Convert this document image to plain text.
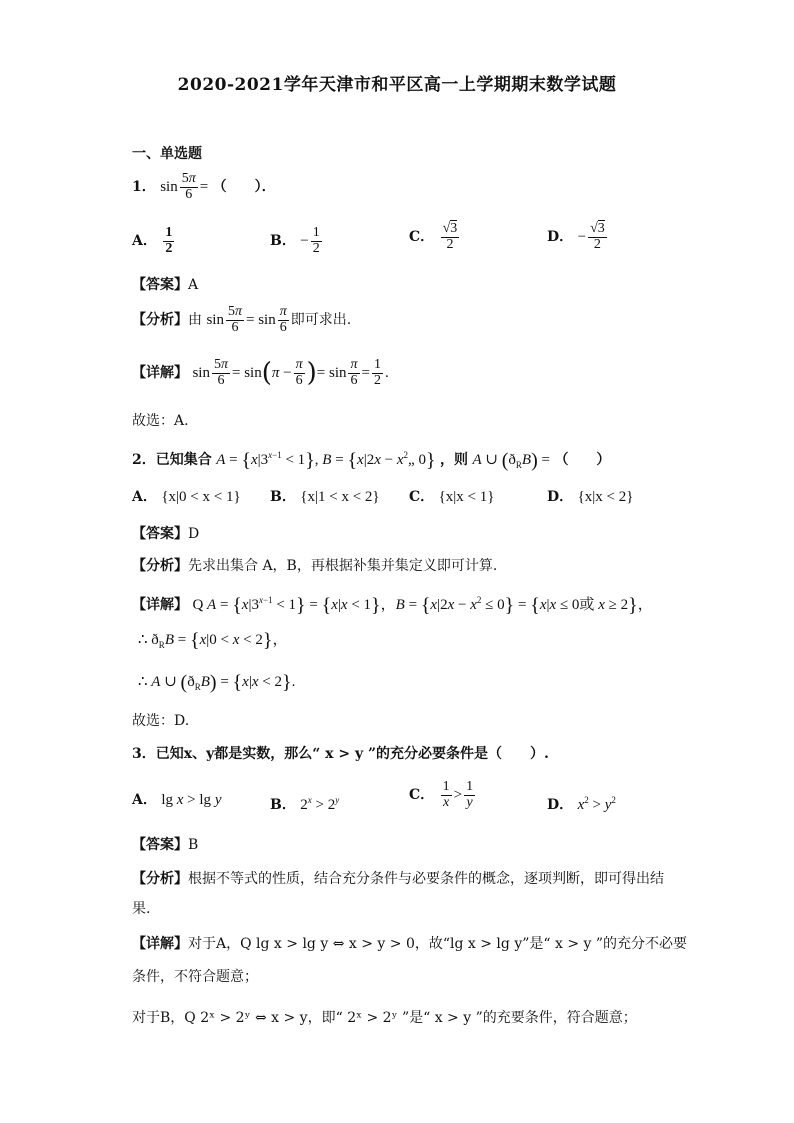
2020-2021学年天津市和平区高一上学期期末数学试题
一、单选题
1． $\sin \frac{5\pi}{6}$ = （　　）．
A． $\frac{1}{2}$	B． − $\frac{1}{2}$	C． $\frac{√3}{2}$	D． − $\frac{√3}{2}$
【答案】A
【分析】由 $\sin \frac{5\pi}{6} = \sin \frac{\pi}{6}$ 即可求出.
【详解】 $\sin \frac{5\pi}{6} = \sin(\pi - \frac{\pi}{6}$ )= $\sin \frac{\pi}{6} = \frac{1}{2}$ .
故选：A.
2．已知集合 $A = \{x|3^{x-1} < 1\}$, $B = \{x|2x - x^2„$ 0} ，则 A ∪ $(ð_RB)$ = （　　）
A． {x|0 < x < 1} B． {x|1 < x < 2} C． {x|x < 1}	D． {x|x < 2}
【答案】D
【分析】先求出集合 A，B，再根据补集并集定义即可计算.
【详解】 Q $A = \{x|3^{x-1} < 1\} = \{x|x < 1\}$，$B = \{x|2x - x^2 \le 0\} = \{x|x \le 0$或 x ≥ 2}，
∴ $ð_RB = \{x|0 < x < 2\}$，
∴ A ∪ $(ð_RB) = \{x|x < 2\}$.
故选：D.
3．已知x、y都是实数，那么“ x > y ”的充分必要条件是（　　）.
A． lg x > lg y	B． $2^x > 2^y$	C． $\frac{1}{x} > \frac{1}{y}$	D． $x^2 > y^2$
【答案】B
【分析】根据不等式的性质，结合充分条件与必要条件的概念，逐项判断，即可得出结
果.
【详解】对于A，Q lg x > lg y ⇔ x > y > 0，故“lg x > lg y”是“ x > y ”的充分不必要
条件，不符合题意；
对于B，Q 2ˣ > 2ʸ ⇔ x > y，即“ 2ˣ > 2ʸ ”是“ x > y ”的充要条件，符合题意；
